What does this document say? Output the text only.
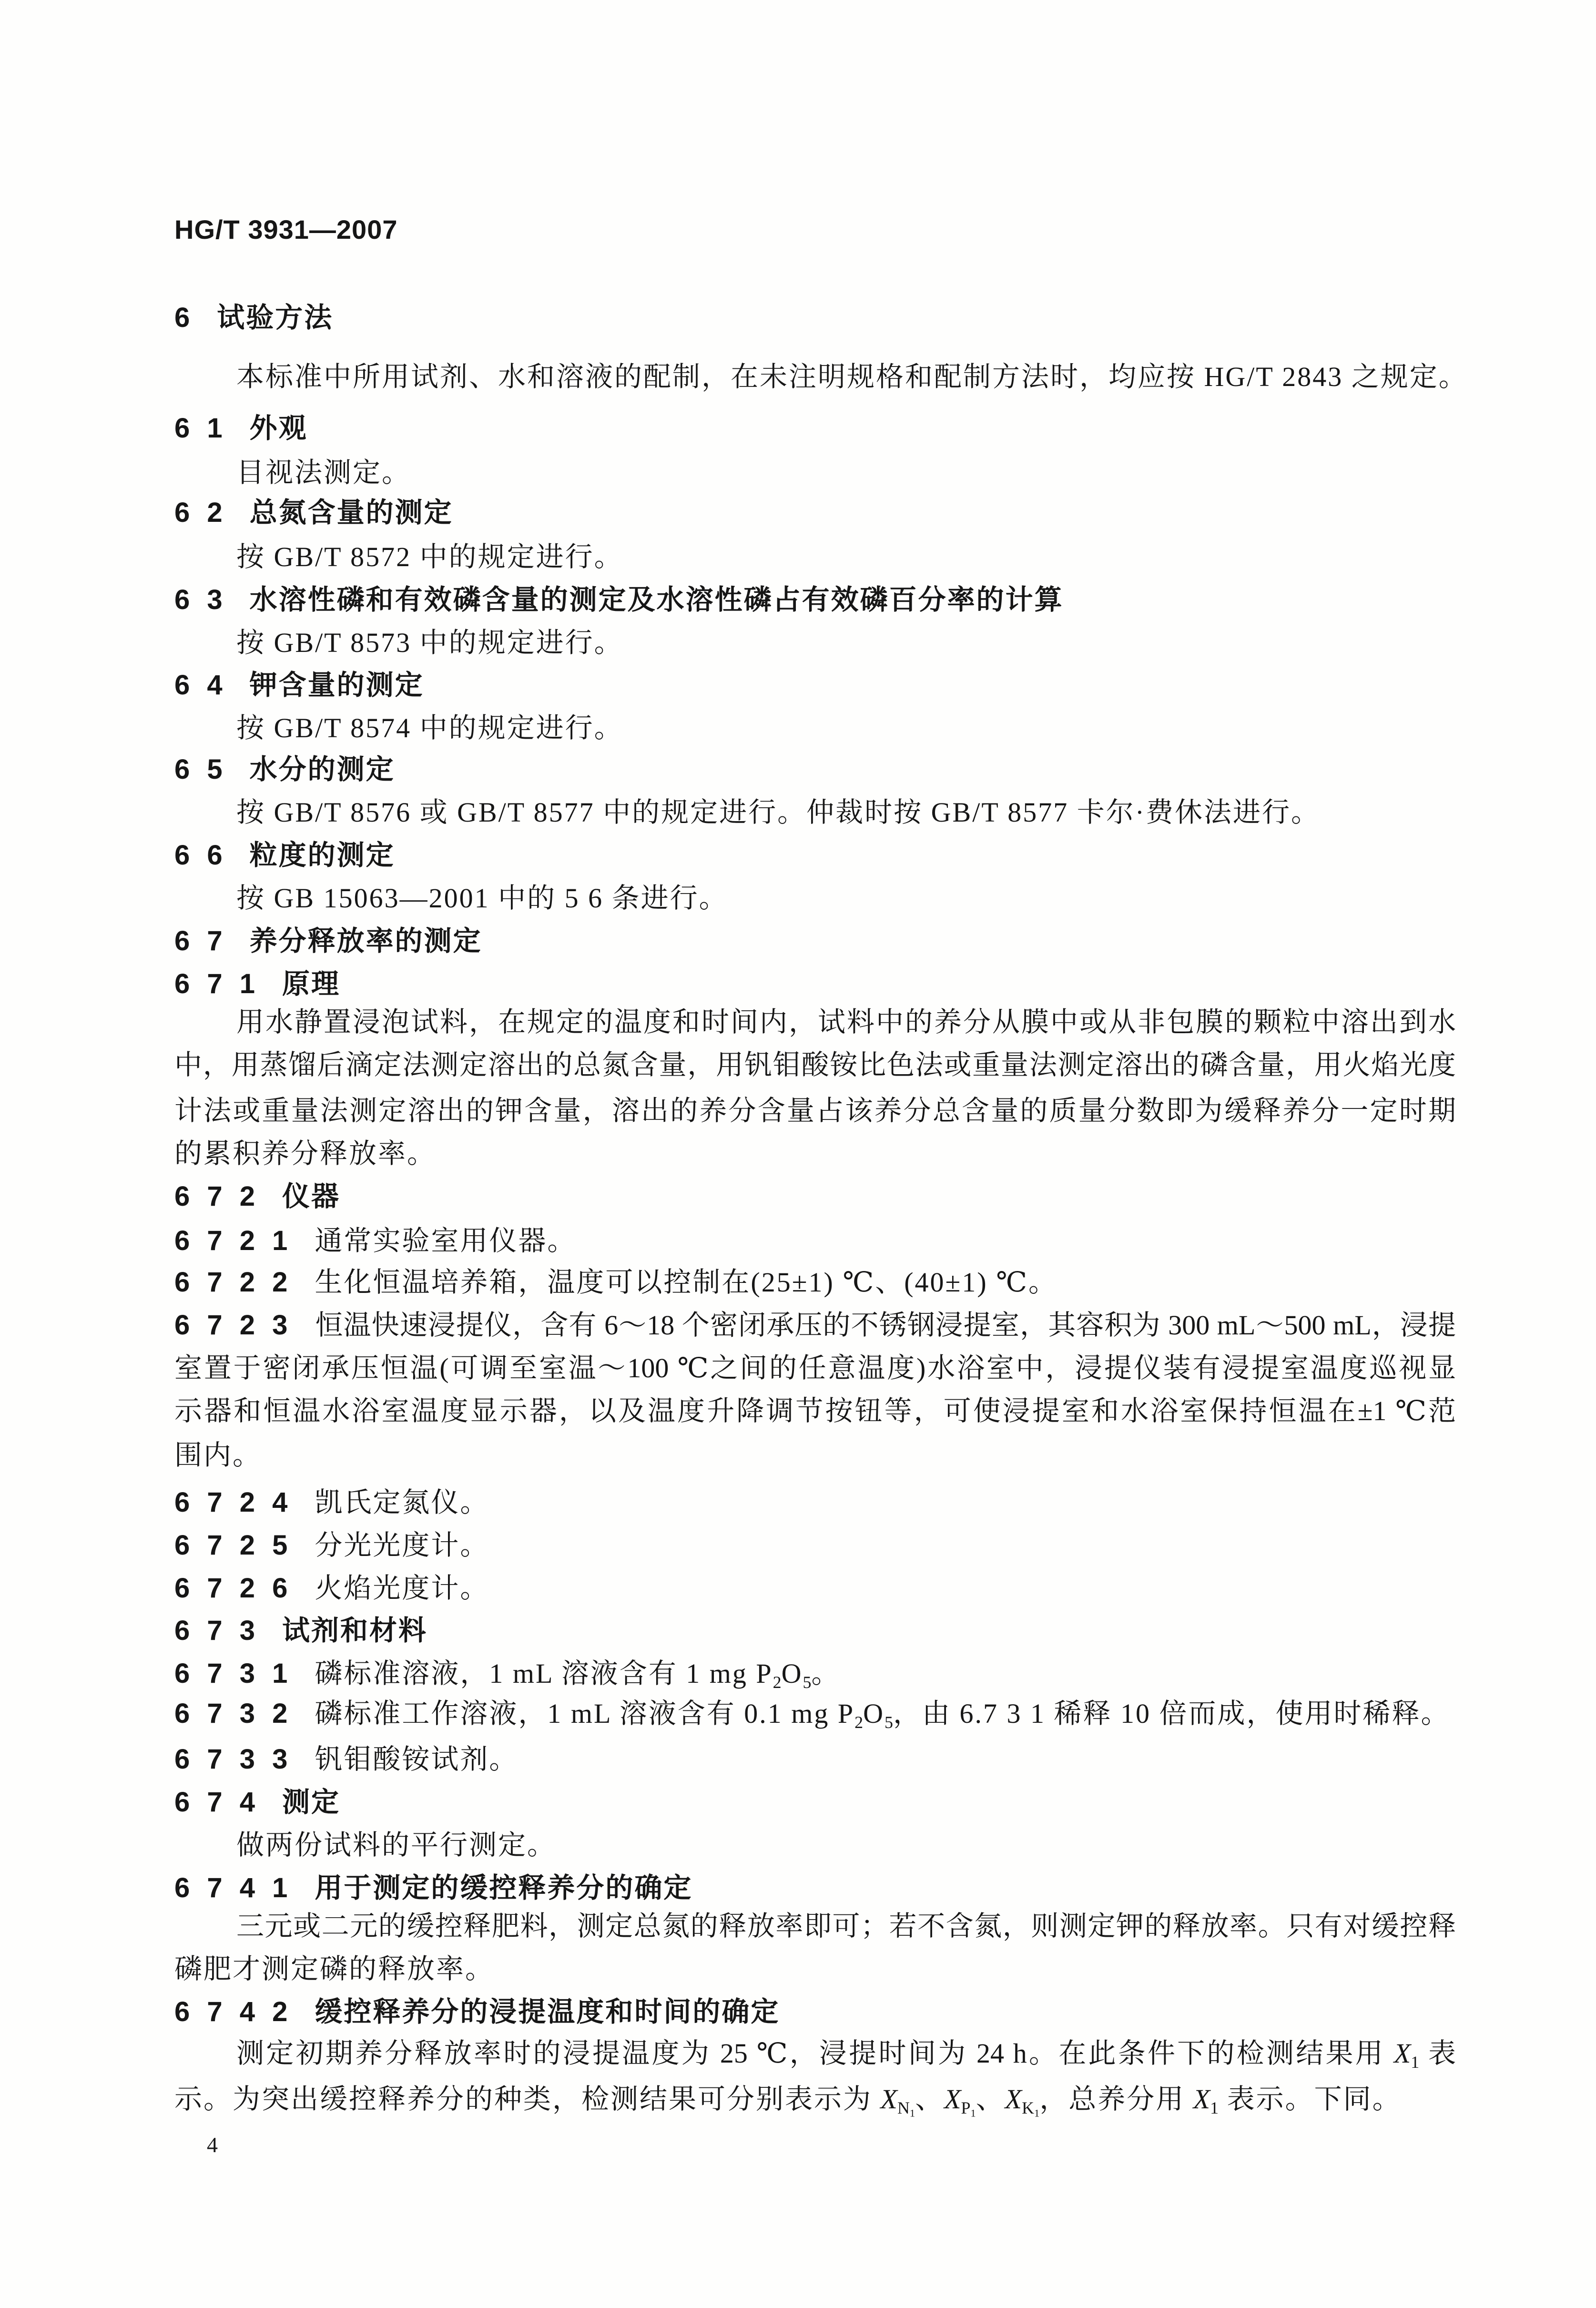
HG/T 3931—2007
6 试验方法
本标准中所用试剂、水和溶液的配制，在未注明规格和配制方法时，均应按 HG/T 2843 之规定。
6 1 外观
目视法测定。
6 2 总氮含量的测定
按 GB/T 8572 中的规定进行。
6 3 水溶性磷和有效磷含量的测定及水溶性磷占有效磷百分率的计算
按 GB/T 8573 中的规定进行。
6 4 钾含量的测定
按 GB/T 8574 中的规定进行。
6 5 水分的测定
按 GB/T 8576 或 GB/T 8577 中的规定进行。仲裁时按 GB/T 8577 卡尔·费休法进行。
6 6 粒度的测定
按 GB 15063—2001 中的 5 6 条进行。
6 7 养分释放率的测定
6 7 1 原理
用水静置浸泡试料，在规定的温度和时间内，试料中的养分从膜中或从非包膜的颗粒中溶出到水
中，用蒸馏后滴定法测定溶出的总氮含量，用钒钼酸铵比色法或重量法测定溶出的磷含量，用火焰光度
计法或重量法测定溶出的钾含量，溶出的养分含量占该养分总含量的质量分数即为缓释养分一定时期
的累积养分释放率。
6 7 2 仪器
6 7 2 1 通常实验室用仪器。
6 7 2 2 生化恒温培养箱，温度可以控制在(25±1) ℃、(40±1) ℃。
6 7 2 3 恒温快速浸提仪，含有 6～18 个密闭承压的不锈钢浸提室，其容积为 300 mL～500 mL，浸提
室置于密闭承压恒温(可调至室温～100 ℃之间的任意温度)水浴室中，浸提仪装有浸提室温度巡视显
示器和恒温水浴室温度显示器，以及温度升降调节按钮等，可使浸提室和水浴室保持恒温在±1 ℃范
围内。
6 7 2 4 凯氏定氮仪。
6 7 2 5 分光光度计。
6 7 2 6 火焰光度计。
6 7 3 试剂和材料
6 7 3 1 磷标准溶液，1 mL 溶液含有 1 mg $P_2O_5$。
6 7 3 2 磷标准工作溶液，1 mL 溶液含有 0.1 mg $P_2O_5$，由 6.7 3 1 稀释 10 倍而成，使用时稀释。
6 7 3 3 钒钼酸铵试剂。
6 7 4 测定
做两份试料的平行测定。
6 7 4 1 用于测定的缓控释养分的确定
三元或二元的缓控释肥料，测定总氮的释放率即可；若不含氮，则测定钾的释放率。只有对缓控释
磷肥才测定磷的释放率。
6 7 4 2 缓控释养分的浸提温度和时间的确定
测定初期养分释放率时的浸提温度为 25 ℃，浸提时间为 24 h。在此条件下的检测结果用 $X_1$ 表
示。为突出缓控释养分的种类，检测结果可分别表示为 $X_{N_1}$、$X_{P_1}$、$X_{K_1}$，总养分用 $X_1$ 表示。下同。
4
